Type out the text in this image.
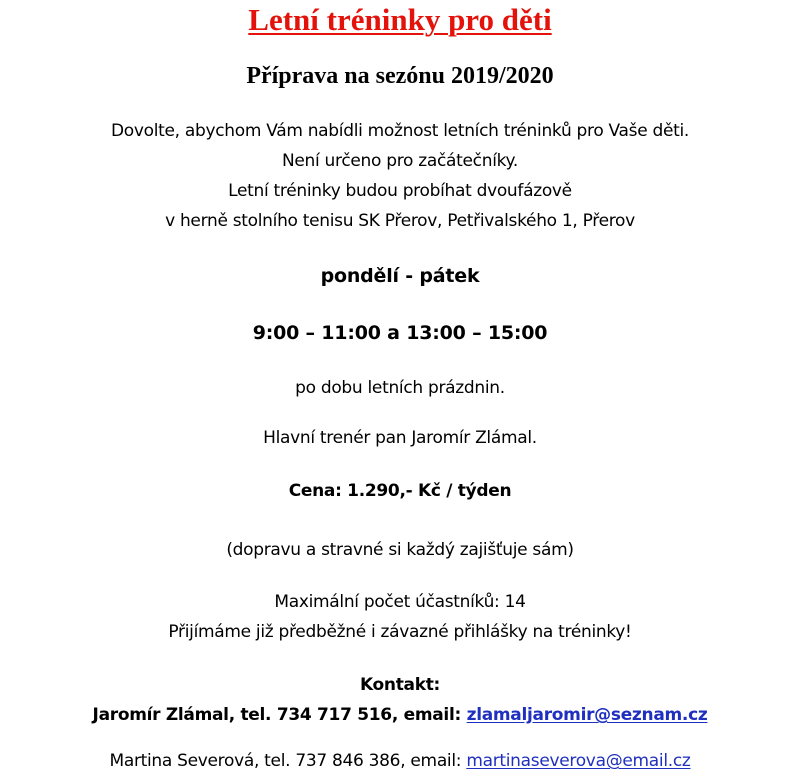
Letní tréninky pro děti
Příprava na sezónu 2019/2020
Dovolte, abychom Vám nabídli možnost letních tréninků pro Vaše děti.
Není určeno pro začátečníky.
Letní tréninky budou probíhat dvoufázově
v herně stolního tenisu SK Přerov, Petřivalského 1, Přerov
pondělí - pátek
9:00 – 11:00 a 13:00 – 15:00
po dobu letních prázdnin.
Hlavní trenér pan Jaromír Zlámal.
Cena: 1.290,- Kč / týden
(dopravu a stravné si každý zajišťuje sám)
Maximální počet účastníků: 14
Přijímáme již předběžné i závazné přihlášky na tréninky!
Kontakt:
Jaromír Zlámal, tel. 734 717 516, email: zlamaljaromir@seznam.cz
Martina Severová, tel. 737 846 386, email: martinaseverova@email.cz
